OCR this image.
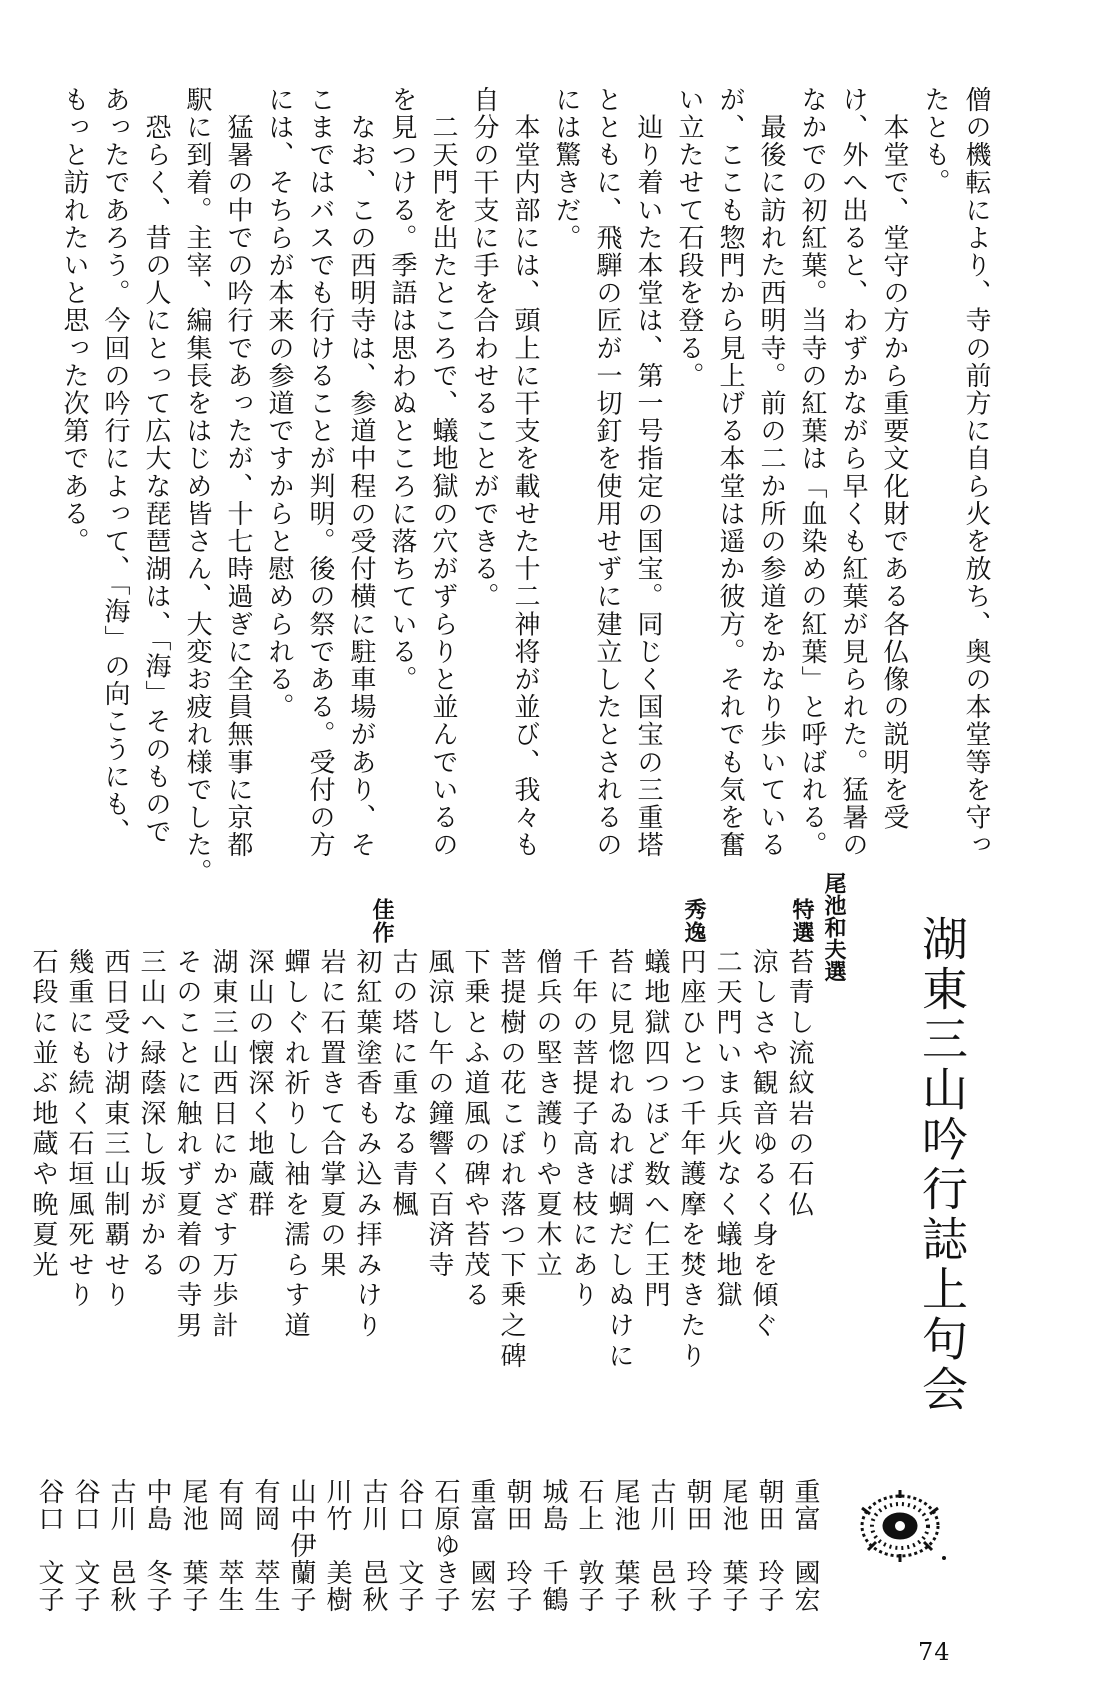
僧の機転により、寺の前方に自ら火を放ち、奥の本堂等を守っ
たとも。
　本堂で、堂守の方から重要文化財である各仏像の説明を受
け、外へ出ると、わずかながら早くも紅葉が見られた。猛暑の
なかでの初紅葉。当寺の紅葉は「血染めの紅葉」と呼ばれる。
　最後に訪れた西明寺。前の二か所の参道をかなり歩いている
が、ここも惣門から見上げる本堂は遥か彼方。それでも気を奮
い立たせて石段を登る。
　辿り着いた本堂は、第一号指定の国宝。同じく国宝の三重塔
とともに、飛騨の匠が一切釘を使用せずに建立したとされるの
には驚きだ。
　本堂内部には、頭上に干支を載せた十二神将が並び、我々も
自分の干支に手を合わせることができる。
　二天門を出たところで、蟻地獄の穴がずらりと並んでいるの
を見つける。季語は思わぬところに落ちている。
　なお、この西明寺は、参道中程の受付横に駐車場があり、そ
こまではバスでも行けることが判明。後の祭である。受付の方
には、そちらが本来の参道ですからと慰められる。
　猛暑の中での吟行であったが、十七時過ぎに全員無事に京都
駅に到着。主宰、編集長をはじめ皆さん、大変お疲れ様でした。
　恐らく、昔の人にとって広大な琵琶湖は、「海」そのもので
あったであろう。今回の吟行によって、「海」の向こうにも、
もっと訪れたいと思った次第である。
湖東三山吟行誌上句会
尾池和夫選
特選
秀逸
佳作
苔青し流紋岩の石仏
涼しさや観音ゆるく身を傾ぐ
二天門いま兵火なく蟻地獄
円座ひとつ千年護摩を焚きたり
蟻地獄四つほど数へ仁王門
苔に見惚れゐれば蜩だしぬけに
千年の菩提子高き枝にあり
僧兵の堅き護りや夏木立
菩提樹の花こぼれ落つ下乗之碑
下乗とふ道風の碑や苔茂る
風涼し午の鐘響く百済寺
古の塔に重なる青楓
初紅葉塗香もみ込み拝みけり
岩に石置きて合掌夏の果
蟬しぐれ祈りし袖を濡らす道
深山の懐深く地蔵群
湖東三山西日にかざす万歩計
そのことに触れず夏着の寺男
三山へ緑蔭深し坂がかる
西日受け湖東三山制覇せり
幾重にも続く石垣風死せり
石段に並ぶ地蔵や晩夏光
重富　國宏
朝田　玲子
尾池　葉子
朝田　玲子
古川　邑秋
尾池　葉子
石上　敦子
城島　千鶴
朝田　玲子
重富　國宏
石原ゆき子
谷口　文子
古川　邑秋
川竹　美樹
山中伊蘭子
有岡　萃生
有岡　萃生
尾池　葉子
中島　冬子
古川　邑秋
谷口　文子
谷口　文子
74
